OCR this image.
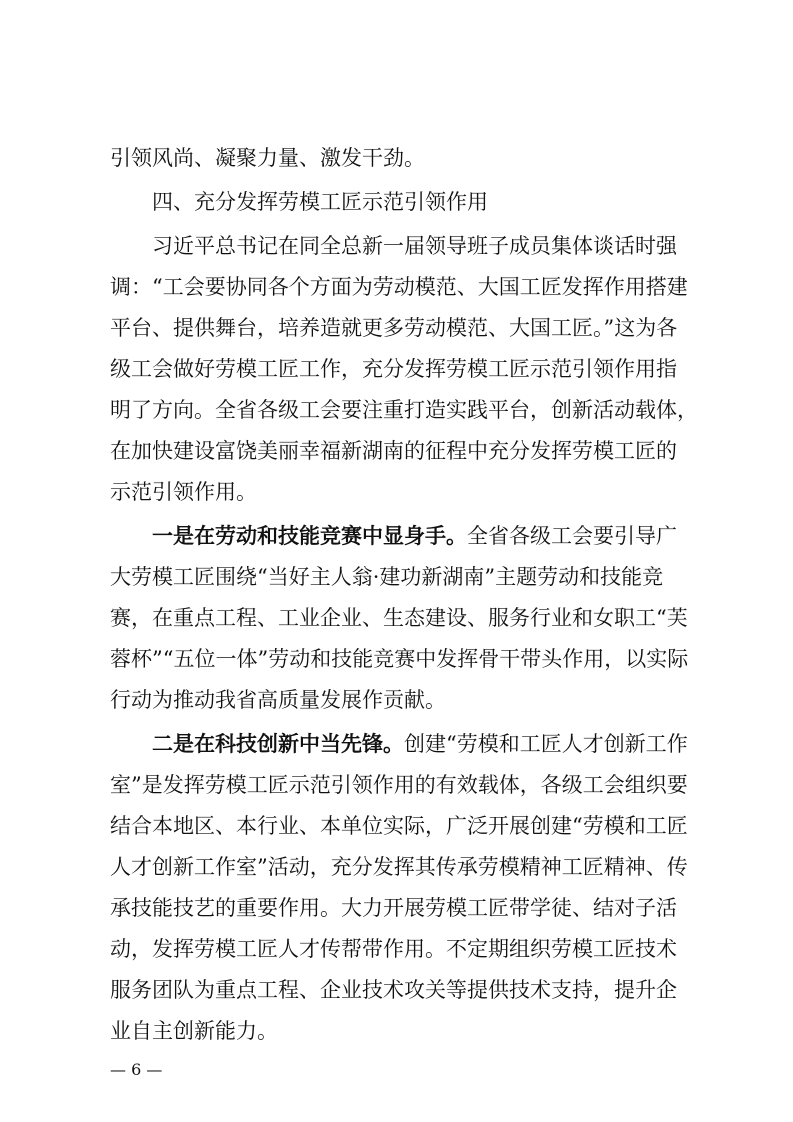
引领风尚、凝聚力量、激发干劲。
四、充分发挥劳模工匠示范引领作用
习近平总书记在同全总新一届领导班子成员集体谈话时强
调：“工会要协同各个方面为劳动模范、大国工匠发挥作用搭建
平台、提供舞台，培养造就更多劳动模范、大国工匠。”这为各
级工会做好劳模工匠工作，充分发挥劳模工匠示范引领作用指
明了方向。全省各级工会要注重打造实践平台，创新活动载体，
在加快建设富饶美丽幸福新湖南的征程中充分发挥劳模工匠的
示范引领作用。
一是在劳动和技能竞赛中显身手。全省各级工会要引导广
大劳模工匠围绕“当好主人翁·建功新湖南”主题劳动和技能竞
赛，在重点工程、工业企业、生态建设、服务行业和女职工“芙
蓉杯”“五位一体”劳动和技能竞赛中发挥骨干带头作用，以实际
行动为推动我省高质量发展作贡献。
二是在科技创新中当先锋。创建“劳模和工匠人才创新工作
室”是发挥劳模工匠示范引领作用的有效载体，各级工会组织要
结合本地区、本行业、本单位实际，广泛开展创建“劳模和工匠
人才创新工作室”活动，充分发挥其传承劳模精神工匠精神、传
承技能技艺的重要作用。大力开展劳模工匠带学徒、结对子活
动，发挥劳模工匠人才传帮带作用。不定期组织劳模工匠技术
服务团队为重点工程、企业技术攻关等提供技术支持，提升企
业自主创新能力。
— 6 —
